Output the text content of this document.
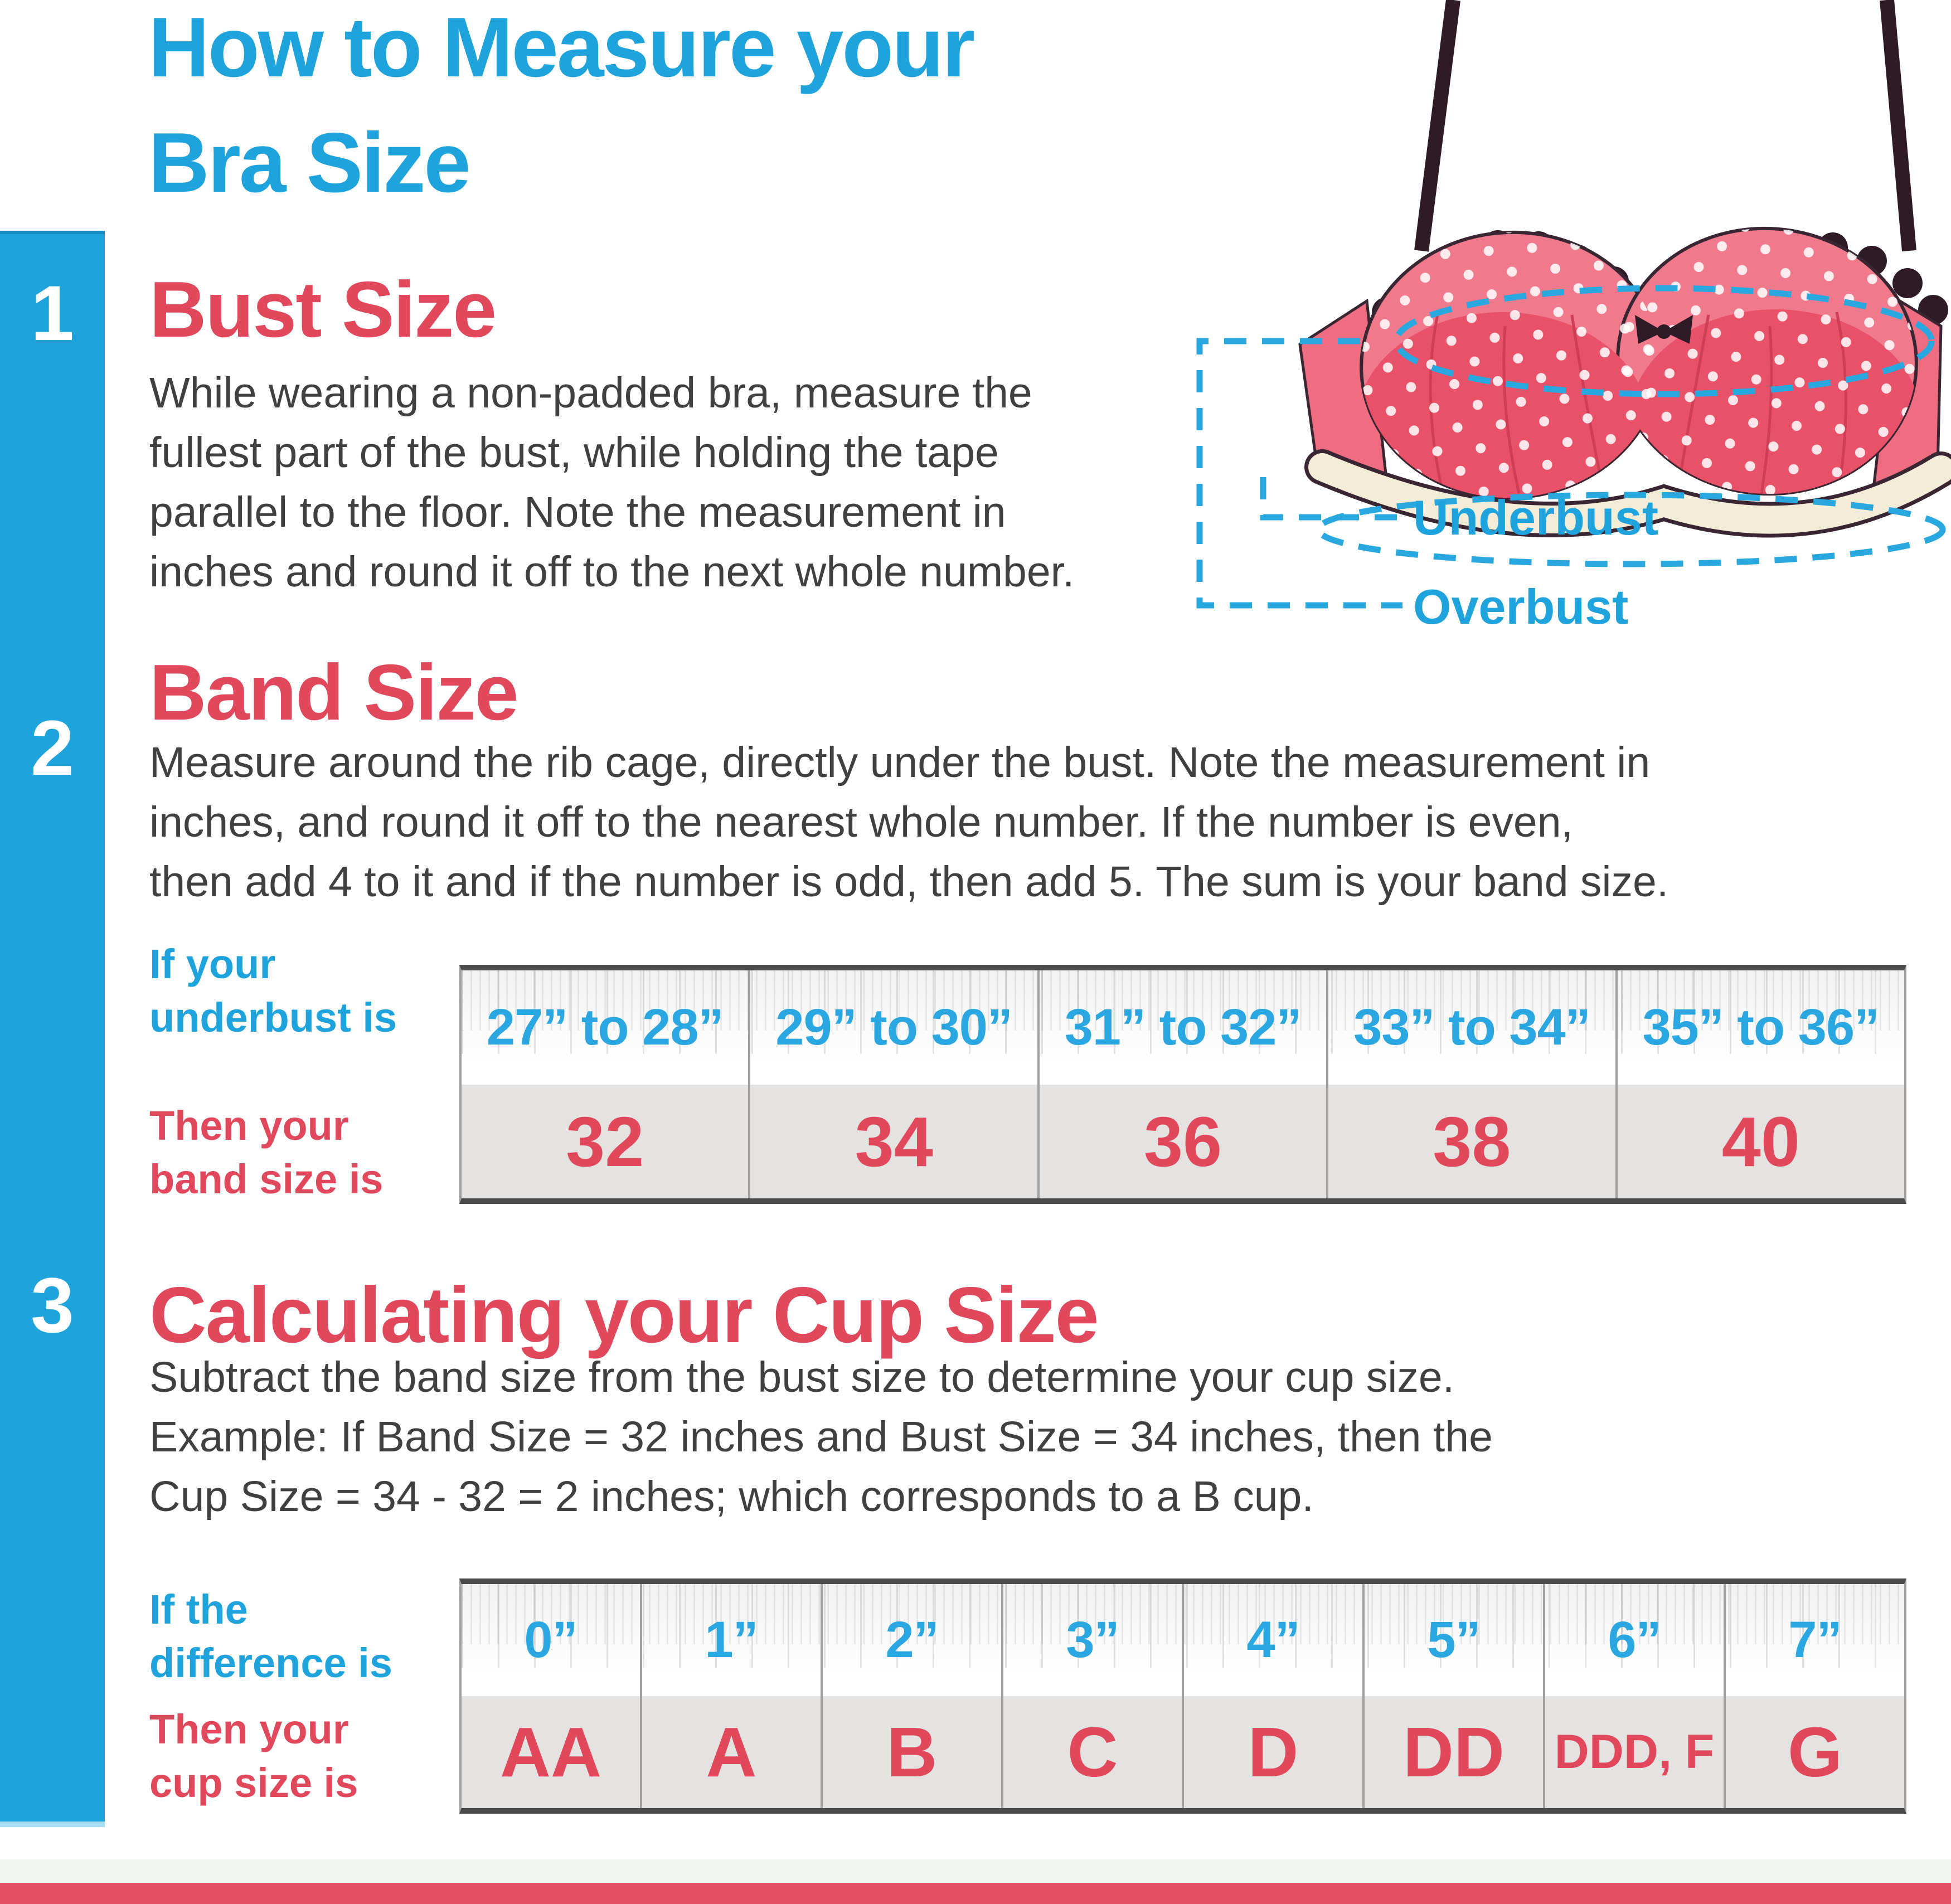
1
2
3
How to Measure your
Bra Size
Bust Size
While wearing a non-padded bra, measure the
fullest part of the bust, while holding the tape
parallel to the floor. Note the measurement in
inches and round it off to the next whole number.
Band Size
Measure around the rib cage, directly under the bust. Note the measurement in
inches, and round it off to the nearest whole number. If the number is even,
then add 4 to it and if the number is odd, then add 5. The sum is your band size.
If your
underbust is
Then your
band size is
27” to 28”	29” to 30”	31” to 32”	33” to 34”	35” to 36”
32	34	36	38	40
Calculating your Cup Size
Subtract the band size from the bust size to determine your cup size.
Example: If Band Size = 32 inches and Bust Size = 34 inches, then the
Cup Size = 34 - 32 = 2 inches; which corresponds to a B cup.
If the
difference is
Then your
cup size is
0”	1”	2”	3”	4”	5”	6”	7”
AA	A	B	C	D	DD	DDD, F	G
Underbust
Overbust
